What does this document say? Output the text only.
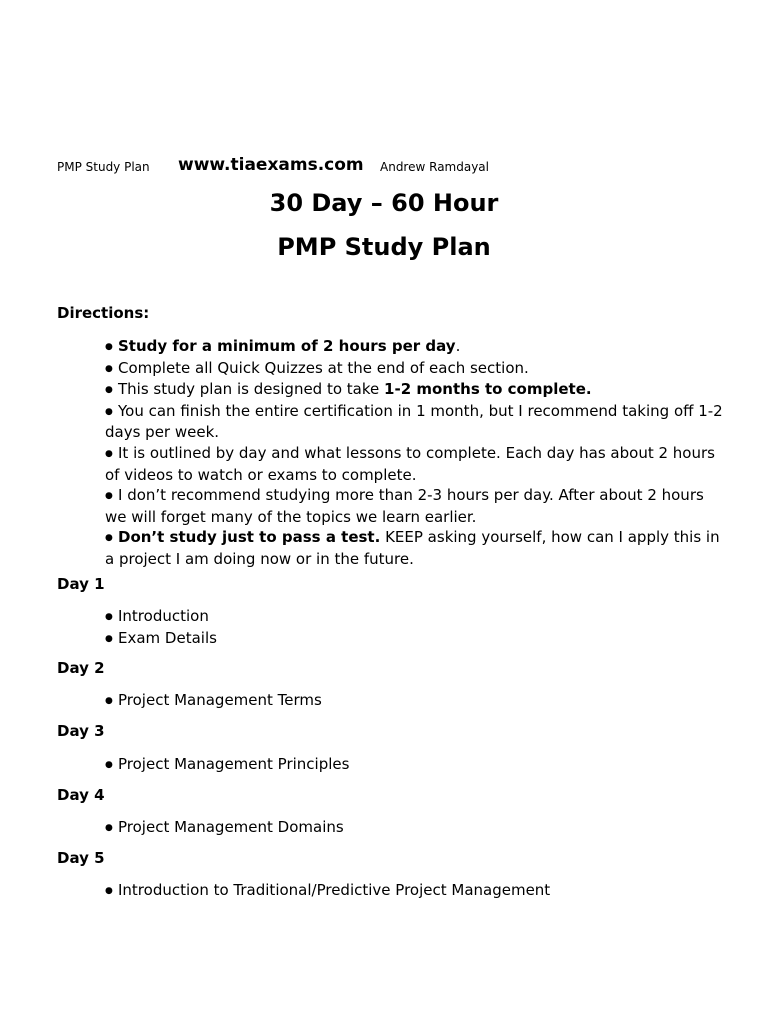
PMP Study Plan www.tiaexams.com Andrew Ramdayal
30 Day – 60 Hour
PMP Study Plan
Directions:
● Study for a minimum of 2 hours per day.
● Complete all Quick Quizzes at the end of each section.
● This study plan is designed to take 1-2 months to complete.
● You can finish the entire certification in 1 month, but I recommend taking off 1-2 days per week.
● It is outlined by day and what lessons to complete. Each day has about 2 hours of videos to watch or exams to complete.
● I don’t recommend studying more than 2-3 hours per day. After about 2 hours we will forget many of the topics we learn earlier.
● Don’t study just to pass a test. KEEP asking yourself, how can I apply this in a project I am doing now or in the future.
Day 1
● Introduction
● Exam Details
Day 2
● Project Management Terms
Day 3
● Project Management Principles
Day 4
● Project Management Domains
Day 5
● Introduction to Traditional/Predictive Project Management
